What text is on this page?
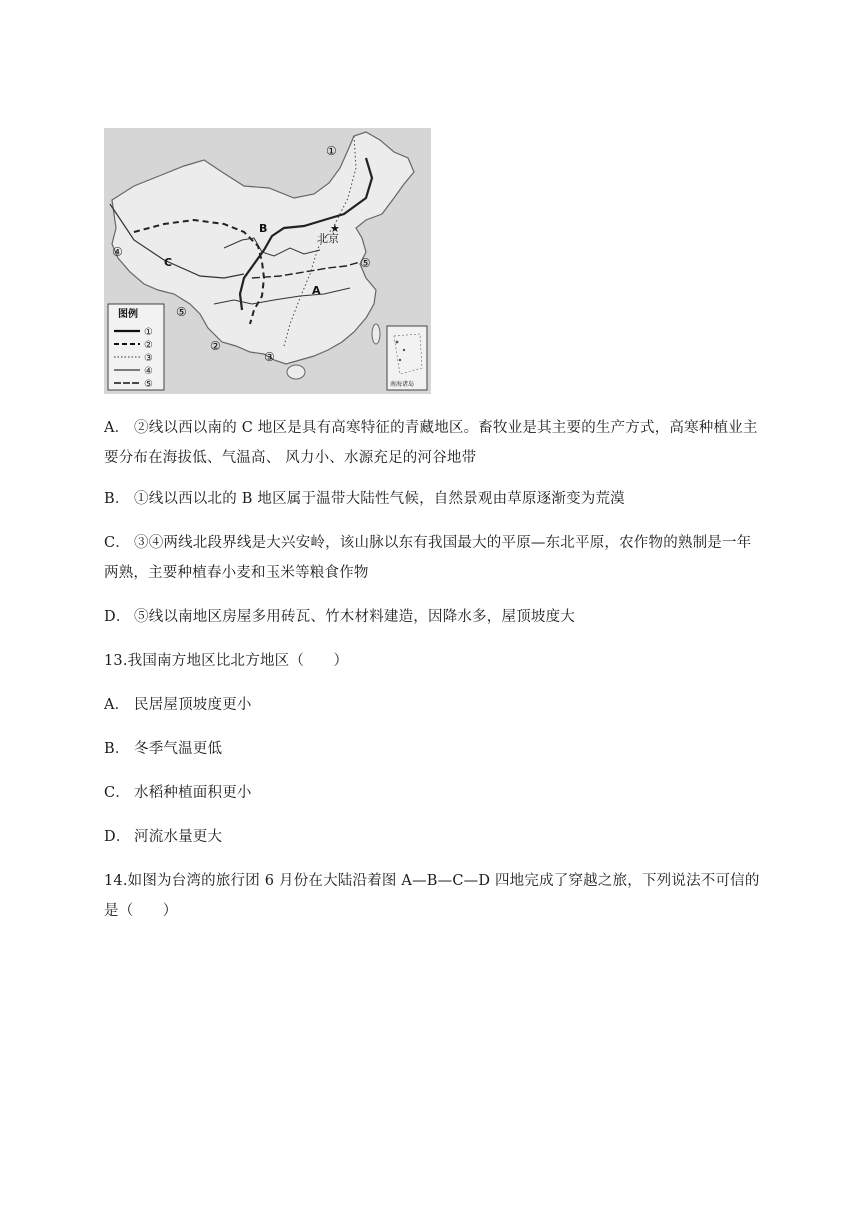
★
①
B
北京
④
C	⑤
A
⑤
②
③
图例
①
②
③
④
⑤	南海诸岛

A． ②线以西以南的 C 地区是具有高寒特征的青藏地区。畜牧业是其主要的生产方式，高寒种植业主要分布在海拔低、气温高、 风力小、水源充足的河谷地带

B． ①线以西以北的 B 地区属于温带大陆性气候，自然景观由草原逐渐变为荒漠

C． ③④两线北段界线是大兴安岭，该山脉以东有我国最大的平原—东北平原，农作物的熟制是一年两熟，主要种植春小麦和玉米等粮食作物

D． ⑤线以南地区房屋多用砖瓦、竹木材料建造，因降水多，屋顶坡度大

13.我国南方地区比北方地区（　　）

A． 民居屋顶坡度更小

B． 冬季气温更低

C． 水稻种植面积更小

D． 河流水量更大

14.如图为台湾的旅行团 6 月份在大陆沿着图 A—B—C—D 四地完成了穿越之旅，下列说法不可信的是（　　）
